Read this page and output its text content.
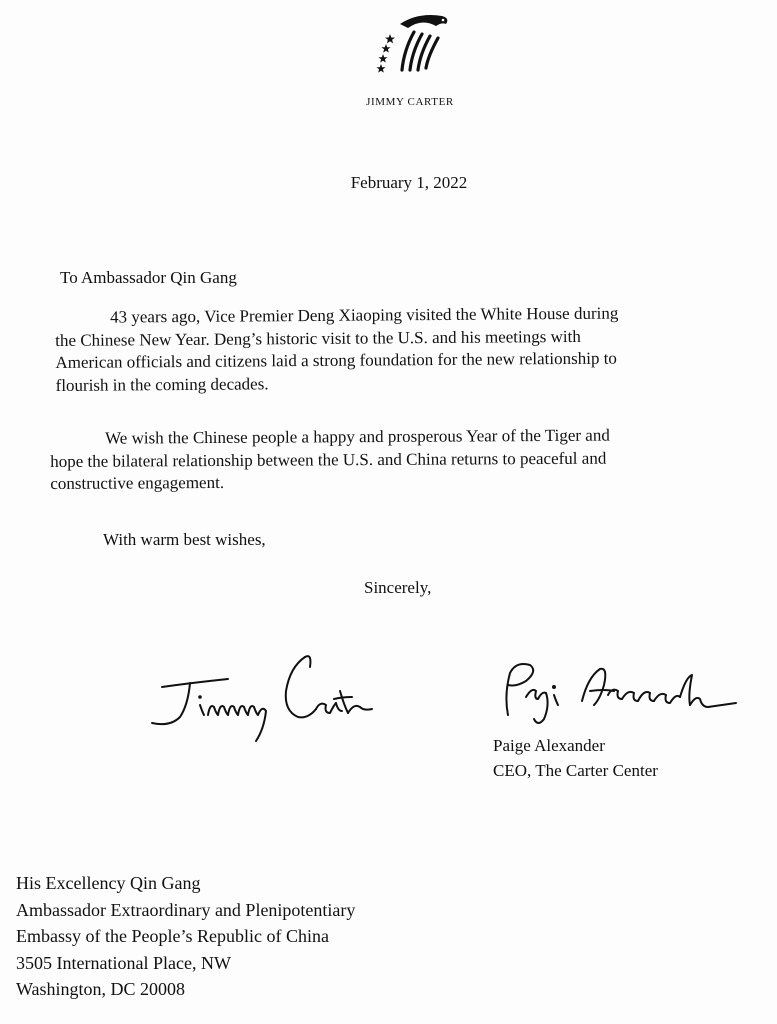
JIMMY CARTER
February 1, 2022
To Ambassador Qin Gang

43 years ago, Vice Premier Deng Xiaoping visited the White House during

the Chinese New Year. Deng’s historic visit to the U.S. and his meetings with

American officials and citizens laid a strong foundation for the new relationship to

flourish in the coming decades.

We wish the Chinese people a happy and prosperous Year of the Tiger and

hope the bilateral relationship between the U.S. and China returns to peaceful and

constructive engagement.

With warm best wishes,
Sincerely,
Paige Alexander
CEO, The Carter Center
His Excellency Qin Gang
Ambassador Extraordinary and Plenipotentiary
Embassy of the People’s Republic of China
3505 International Place, NW
Washington, DC 20008
